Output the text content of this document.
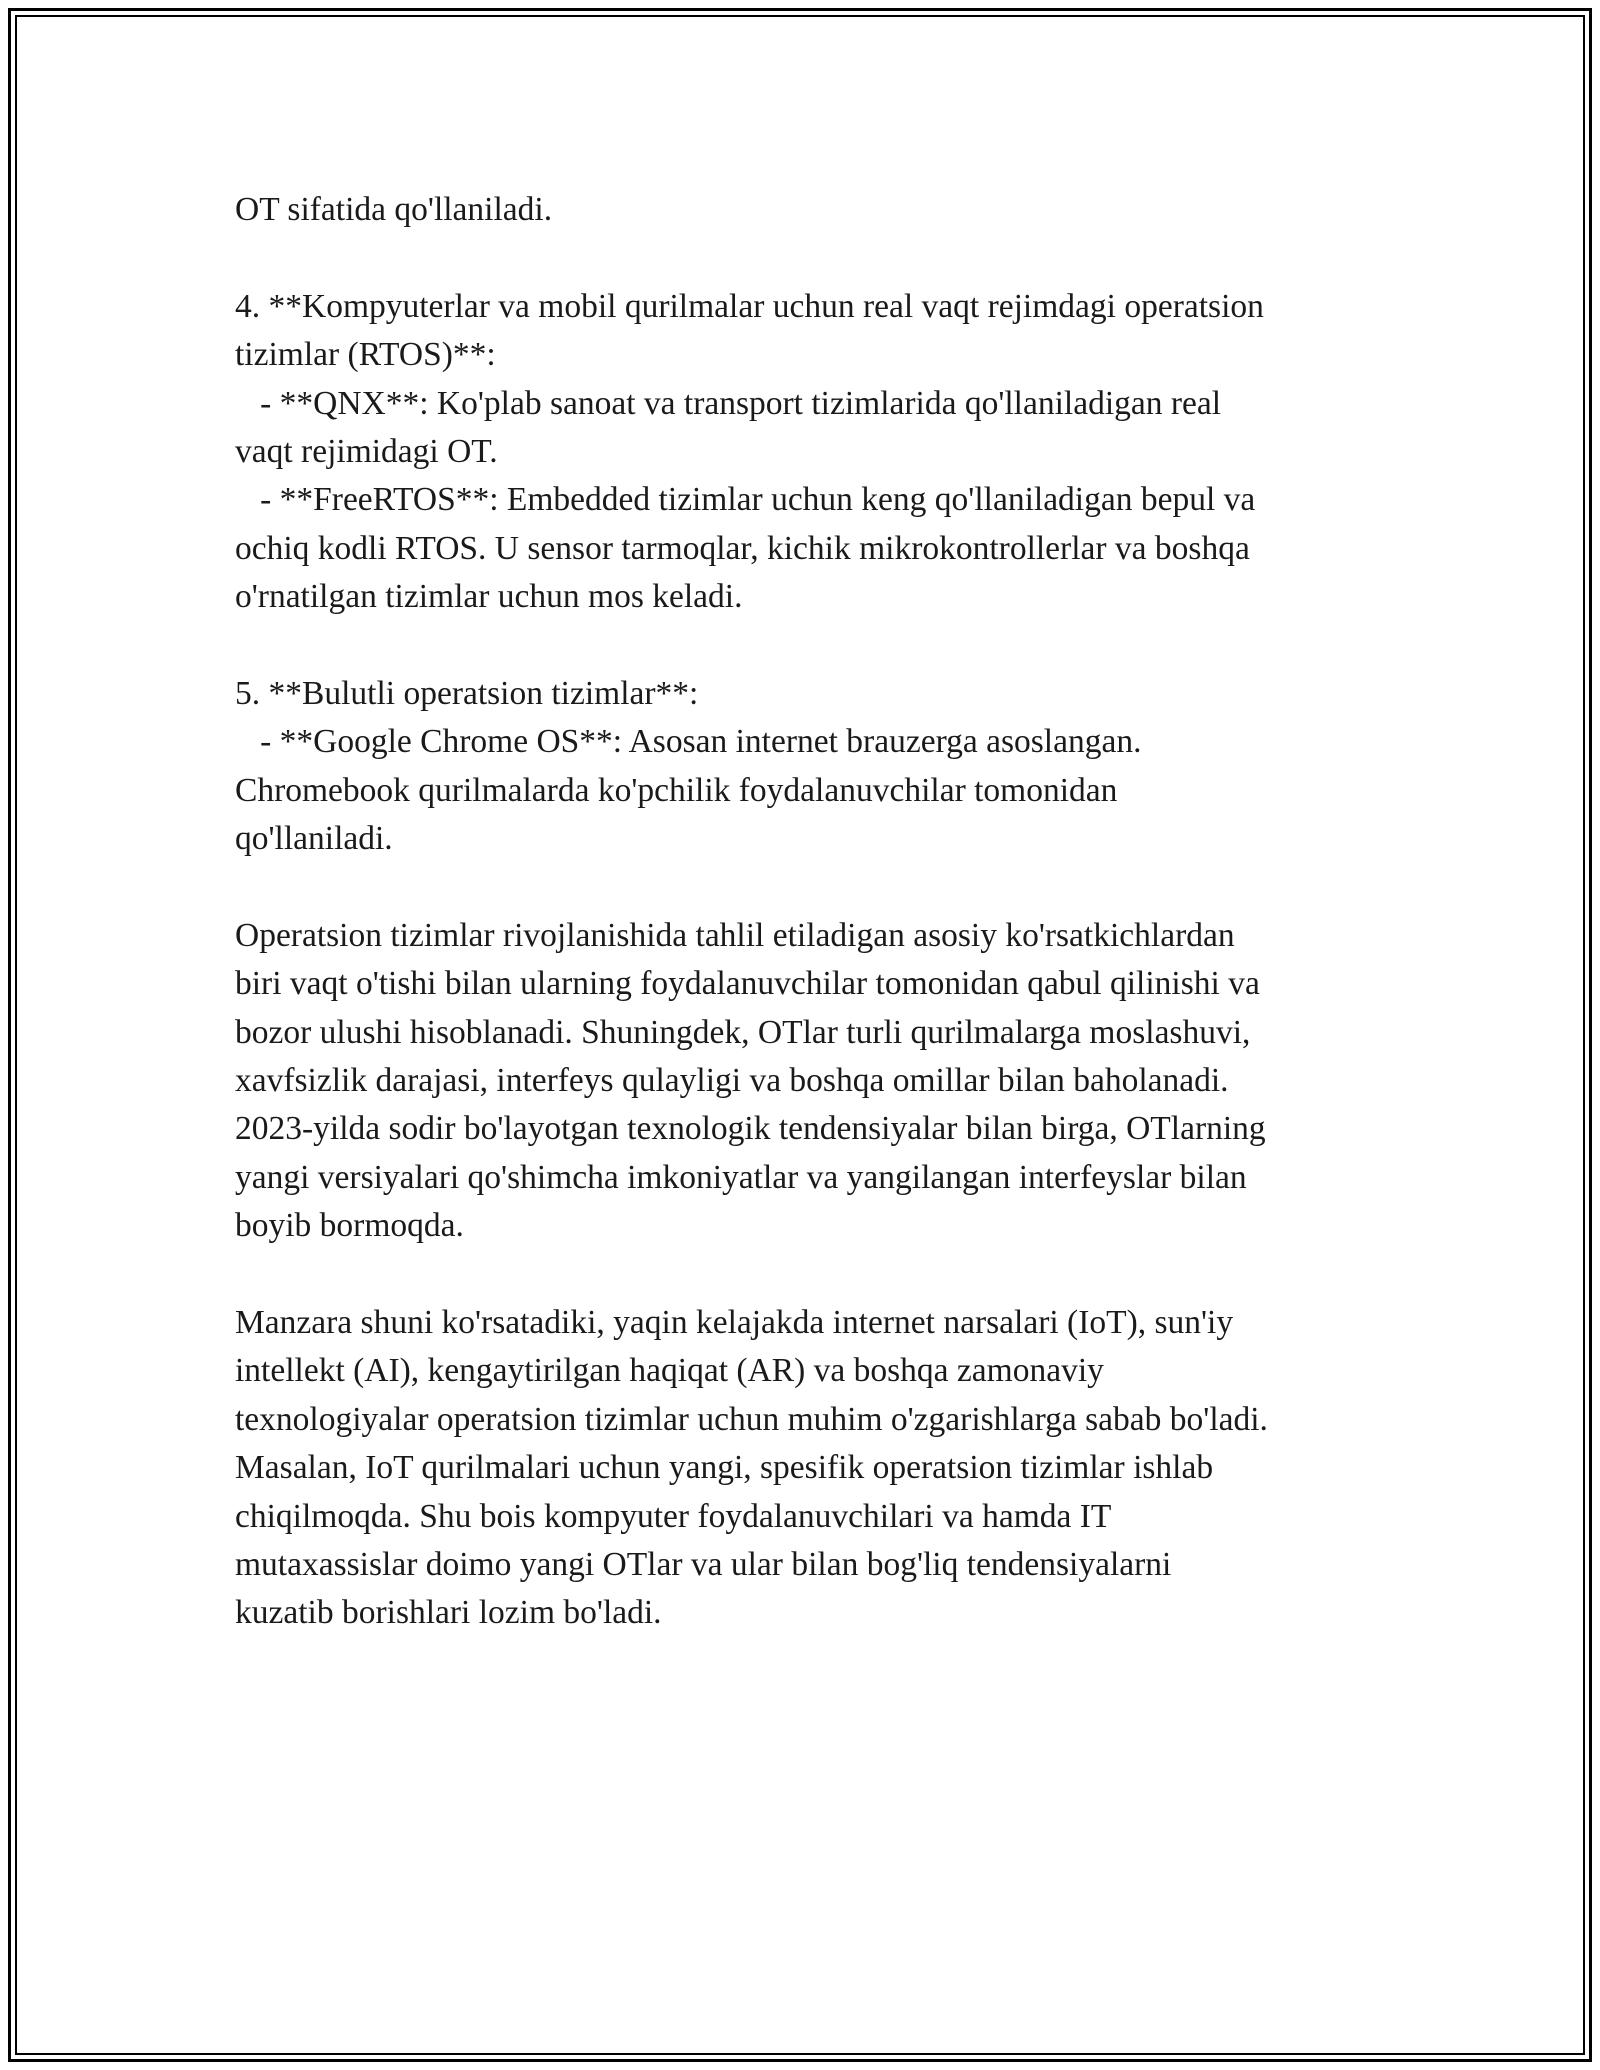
OT sifatida qo'llaniladi.
4. **Kompyuterlar va mobil qurilmalar uchun real vaqt rejimdagi operatsion
tizimlar (RTOS)**:
- **QNX**: Ko'plab sanoat va transport tizimlarida qo'llaniladigan real
vaqt rejimidagi OT.
- **FreeRTOS**: Embedded tizimlar uchun keng qo'llaniladigan bepul va
ochiq kodli RTOS. U sensor tarmoqlar, kichik mikrokontrollerlar va boshqa
o'rnatilgan tizimlar uchun mos keladi.
5. **Bulutli operatsion tizimlar**:
- **Google Chrome OS**: Asosan internet brauzerga asoslangan.
Chromebook qurilmalarda ko'pchilik foydalanuvchilar tomonidan
qo'llaniladi.
Operatsion tizimlar rivojlanishida tahlil etiladigan asosiy ko'rsatkichlardan
biri vaqt o'tishi bilan ularning foydalanuvchilar tomonidan qabul qilinishi va
bozor ulushi hisoblanadi. Shuningdek, OTlar turli qurilmalarga moslashuvi,
xavfsizlik darajasi, interfeys qulayligi va boshqa omillar bilan baholanadi.
2023-yilda sodir bo'layotgan texnologik tendensiyalar bilan birga, OTlarning
yangi versiyalari qo'shimcha imkoniyatlar va yangilangan interfeyslar bilan
boyib bormoqda.
Manzara shuni ko'rsatadiki, yaqin kelajakda internet narsalari (IoT), sun'iy
intellekt (AI), kengaytirilgan haqiqat (AR) va boshqa zamonaviy
texnologiyalar operatsion tizimlar uchun muhim o'zgarishlarga sabab bo'ladi.
Masalan, IoT qurilmalari uchun yangi, spesifik operatsion tizimlar ishlab
chiqilmoqda. Shu bois kompyuter foydalanuvchilari va hamda IT
mutaxassislar doimo yangi OTlar va ular bilan bog'liq tendensiyalarni
kuzatib borishlari lozim bo'ladi.
